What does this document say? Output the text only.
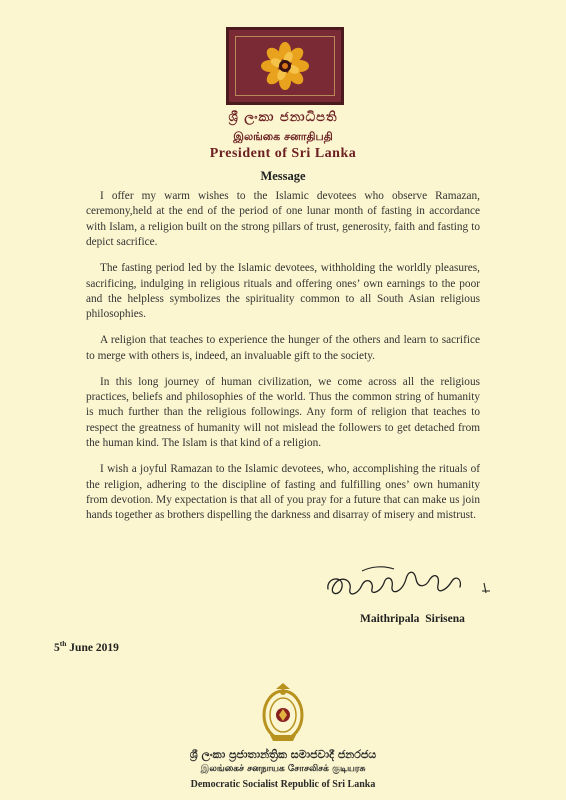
ශ්‍රී ලංකා ජනාධිපති
இலங்கை சனாதிபதி
President of Sri Lanka
Message

I offer my warm wishes to the Islamic devotees who observe Ramazan, ceremony,held at the end of the period of one lunar month of fasting in accordance with Islam, a religion built on the strong pillars of trust, generosity, faith and fasting to depict sacrifice.

The fasting period led by the Islamic devotees, withholding the worldly pleasures, sacrificing, indulging in religious rituals and offering ones’ own earnings to the poor and the helpless symbolizes the spirituality common to all South Asian religious philosophies.

A religion that teaches to experience the hunger of the others and learn to sacrifice to merge with others is, indeed, an invaluable gift to the society.

In this long journey of human civilization, we come across all the religious practices, beliefs and philosophies of the world. Thus the common string of humanity is much further than the religious followings. Any form of religion that teaches to respect the greatness of humanity will not mislead the followers to get detached from the human kind. The Islam is that kind of a religion.

I wish a joyful Ramazan to the Islamic devotees, who, accomplishing the rituals of the religion, adhering to the discipline of fasting and fulfilling ones’ own humanity from devotion. My expectation is that all of you pray for a future that can make us join hands together as brothers dispelling the darkness and disarray of misery and mistrust.

Maithripala Sirisena
5th June 2019
ශ්‍රී ලංකා ප්‍රජාතාන්ත්‍රික සමාජවාදී ජනරජය
இலங்கைச் சனநாயக சோசலிசக் குடியரசு
Democratic Socialist Republic of Sri Lanka
